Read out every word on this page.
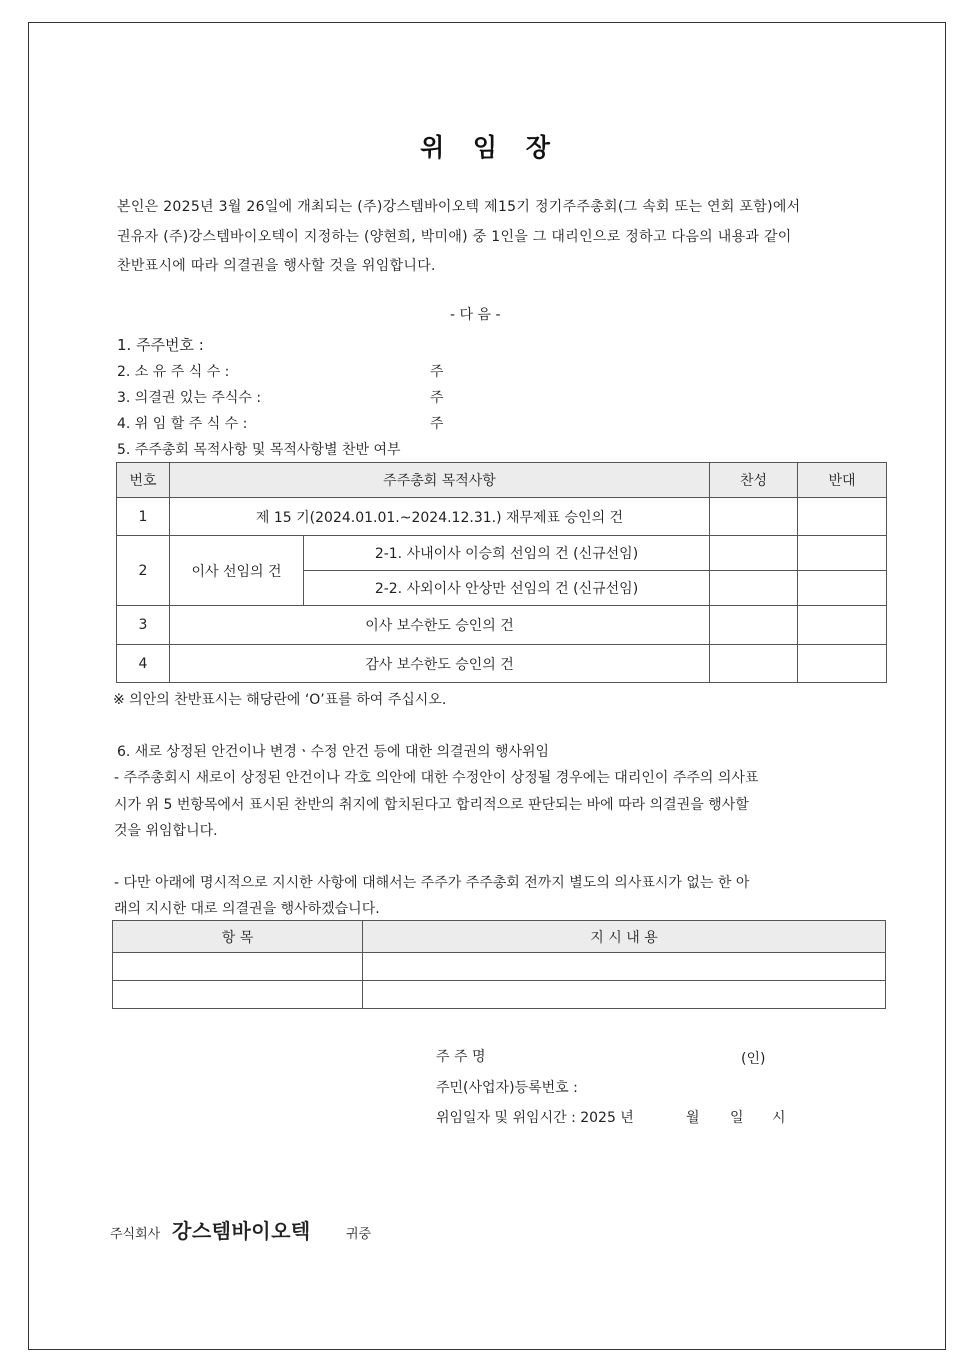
위 임 장
본인은 2025년 3월 26일에 개최되는 (주)강스템바이오텍 제15기 정기주주총회(그 속회 또는 연회 포함)에서
권유자 (주)강스템바이오텍이 지정하는 (양현희, 박미애) 중 1인을 그 대리인으로 정하고 다음의 내용과 같이
찬반표시에 따라 의결권을 행사할 것을 위임합니다.
- 다 음 -
1. 주주번호 :
2. 소 유 주 식 수 :	주
3. 의결권 있는 주식수 :	주
4. 위 임 할 주 식 수 :	주
5. 주주총회 목적사항 및 목적사항별 찬반 여부
번호	주주총회 목적사항		찬성	반대
1	제 15 기(2024.01.01.~2024.12.31.) 재무제표 승인의 건			
2	이사 선임의 건	2-1. 사내이사 이승희 선임의 건 (신규선임)		
		2-2. 사외이사 안상만 선임의 건 (신규선임)		
3	이사 보수한도 승인의 건			
4	감사 보수한도 승인의 건			
※ 의안의 찬반표시는 해당란에 ‘O’표를 하여 주십시오.
6. 새로 상정된 안건이나 변경ㆍ수정 안건 등에 대한 의결권의 행사위임
- 주주총회시 새로이 상정된 안건이나 각호 의안에 대한 수정안이 상정될 경우에는 대리인이 주주의 의사표
시가 위 5 번항목에서 표시된 찬반의 취지에 합치된다고 합리적으로 판단되는 바에 따라 의결권을 행사할
것을 위임합니다.
- 다만 아래에 명시적으로 지시한 사항에 대해서는 주주가 주주총회 전까지 별도의 의사표시가 없는 한 아
래의 지시한 대로 의결권을 행사하겠습니다.
항 목	지 시 내 용

주 주 명	(인)
주민(사업자)등록번호 :
위임일자 및 위임시간 : 2025 년	월 일 시
주식회사 강스템바이오텍	귀중
